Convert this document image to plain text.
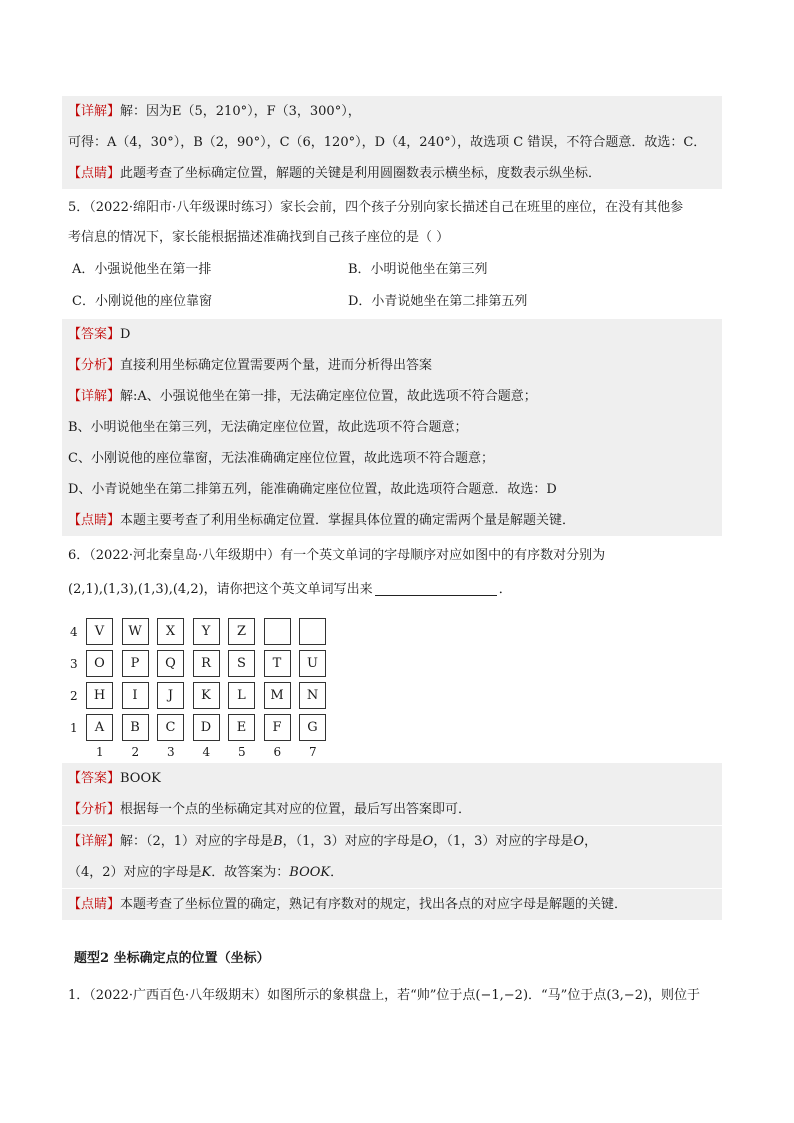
【详解】解：因为E（5，210°），F（3，300°），
可得：A（4，30°），B（2，90°），C（6，120°），D（4，240°），故选项 C 错误，不符合题意．故选：C．
【点睛】此题考查了坐标确定位置，解题的关键是利用圆圈数表示横坐标，度数表示纵坐标．
5．（2022·绵阳市·八年级课时练习）家长会前，四个孩子分别向家长描述自己在班里的座位，在没有其他参
考信息的情况下，家长能根据描述准确找到自己孩子座位的是（ ）
A．小强说他坐在第一排	B．小明说他坐在第三列
C．小刚说他的座位靠窗	D．小青说她坐在第二排第五列
【答案】D
【分析】直接利用坐标确定位置需要两个量，进而分析得出答案
【详解】解:A、小强说他坐在第一排，无法确定座位位置，故此选项不符合题意；
B、小明说他坐在第三列，无法确定座位位置，故此选项不符合题意；
C、小刚说他的座位靠窗，无法准确确定座位位置，故此选项不符合题意；
D、小青说她坐在第二排第五列，能准确确定座位位置，故此选项符合题意．故选：D
【点睛】本题主要考查了利用坐标确定位置．掌握具体位置的确定需两个量是解题关键．
6．（2022·河北秦皇岛·八年级期中）有一个英文单词的字母顺序对应如图中的有序数对分别为
(2,1),(1,3),(1,3),(4,2)，请你把这个英文单词写出来	．
4	V	W	X	Y	Z
3	O	P	Q	R	S	T	U
2	H	I	J	K	L	M	N
1	A	B	C	D	E	F	G
1 2 3 4 5 6 7
【答案】BOOK
【分析】根据每一个点的坐标确定其对应的位置，最后写出答案即可．
【详解】解：（2，1）对应的字母是B，（1，3）对应的字母是O，（1，3）对应的字母是O，
（4，2）对应的字母是K．故答案为：BOOK．
【点睛】本题考查了坐标位置的确定，熟记有序数对的规定，找出各点的对应字母是解题的关键．
题型2 坐标确定点的位置（坐标）
1．（2022·广西百色·八年级期末）如图所示的象棋盘上，若“帅”位于点(−1,−2)．“马”位于点(3,−2)，则位于
